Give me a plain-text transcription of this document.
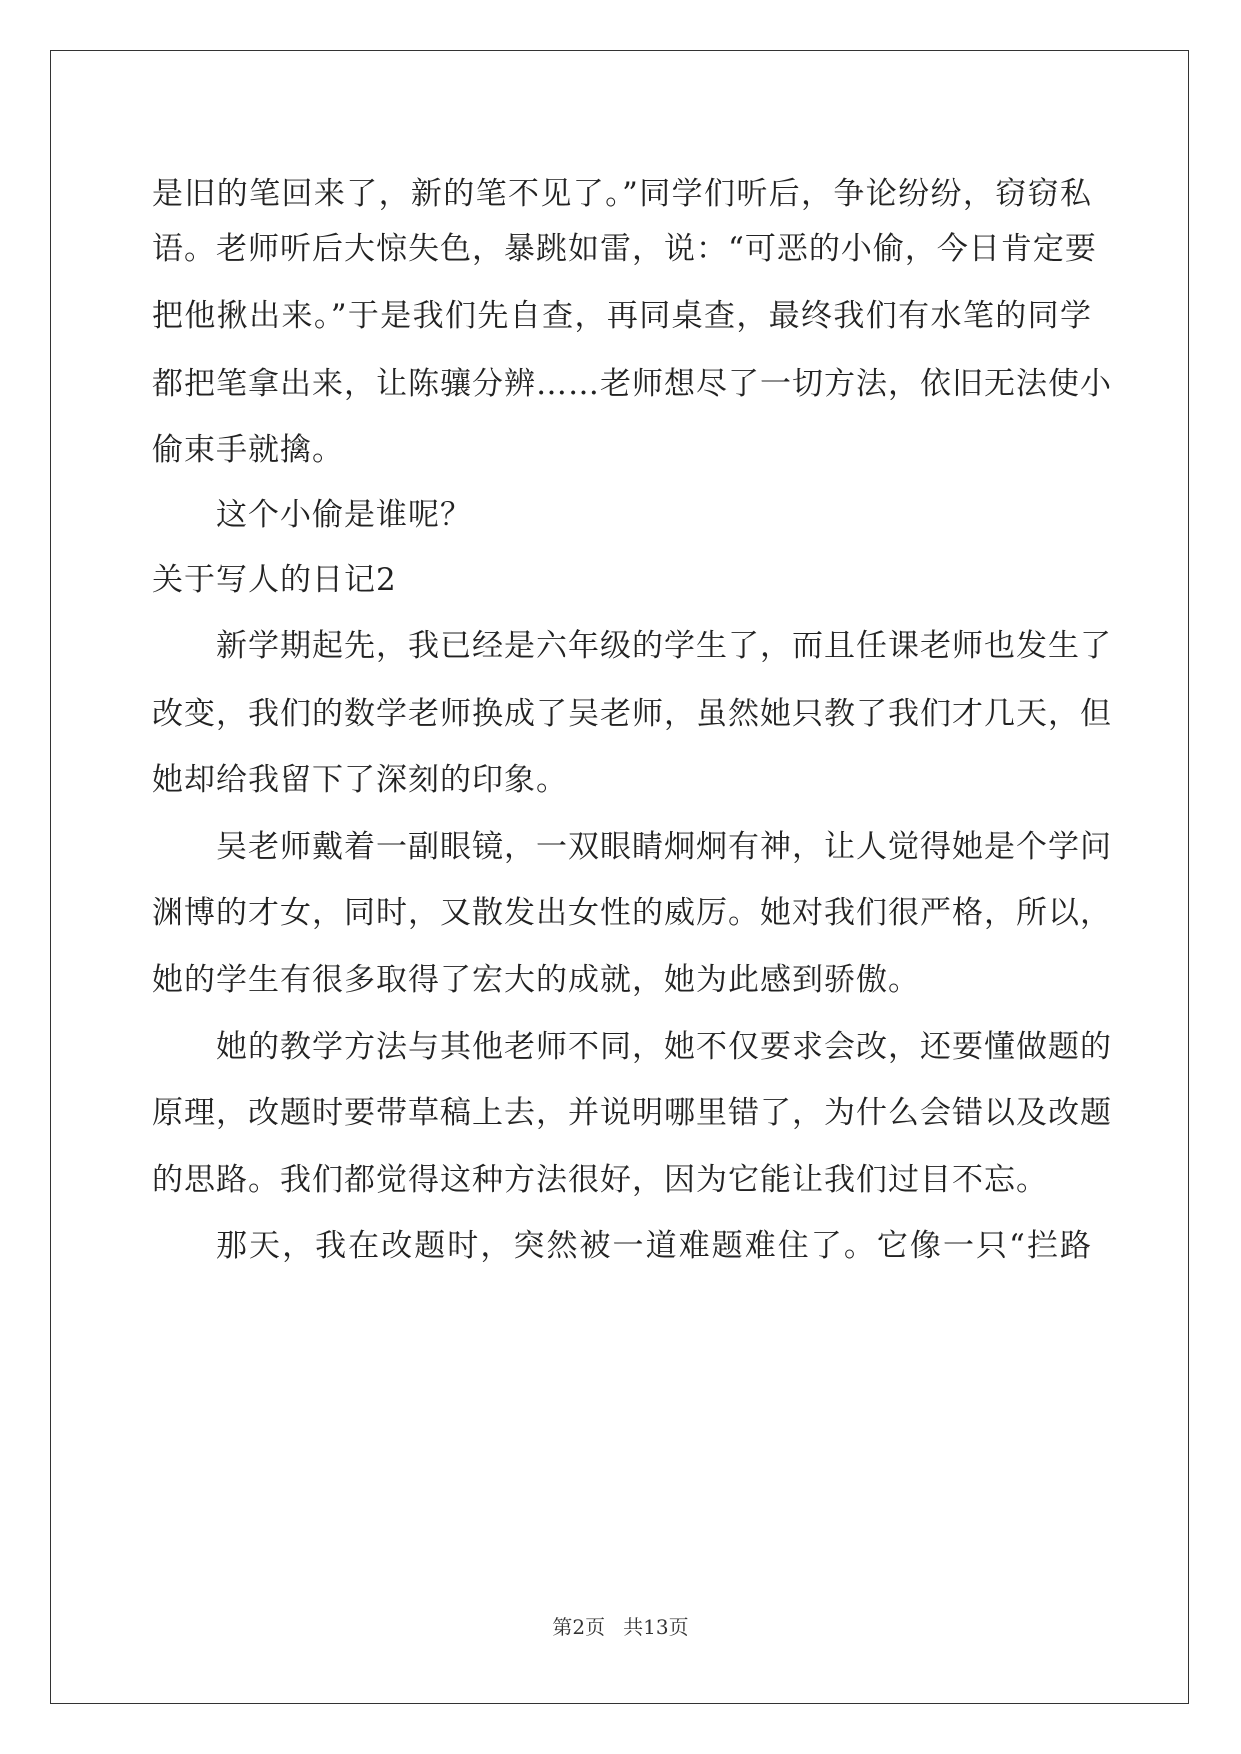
是旧的笔回来了，新的笔不见了。”同学们听后，争论纷纷，窃窃私
语。老师听后大惊失色，暴跳如雷，说：“可恶的小偷，今日肯定要
把他揪出来。”于是我们先自查，再同桌查，最终我们有水笔的同学
都把笔拿出来，让陈骧分辨……老师想尽了一切方法，依旧无法使小
偷束手就擒。
这个小偷是谁呢？
关于写人的日记2
新学期起先，我已经是六年级的学生了，而且任课老师也发生了
改变，我们的数学老师换成了吴老师，虽然她只教了我们才几天，但
她却给我留下了深刻的印象。
吴老师戴着一副眼镜，一双眼睛炯炯有神，让人觉得她是个学问
渊博的才女，同时，又散发出女性的威厉。她对我们很严格，所以，
她的学生有很多取得了宏大的成就，她为此感到骄傲。
她的教学方法与其他老师不同，她不仅要求会改，还要懂做题的
原理，改题时要带草稿上去，并说明哪里错了，为什么会错以及改题
的思路。我们都觉得这种方法很好，因为它能让我们过目不忘。
那天，我在改题时，突然被一道难题难住了。它像一只“拦路
第2页 共13页
